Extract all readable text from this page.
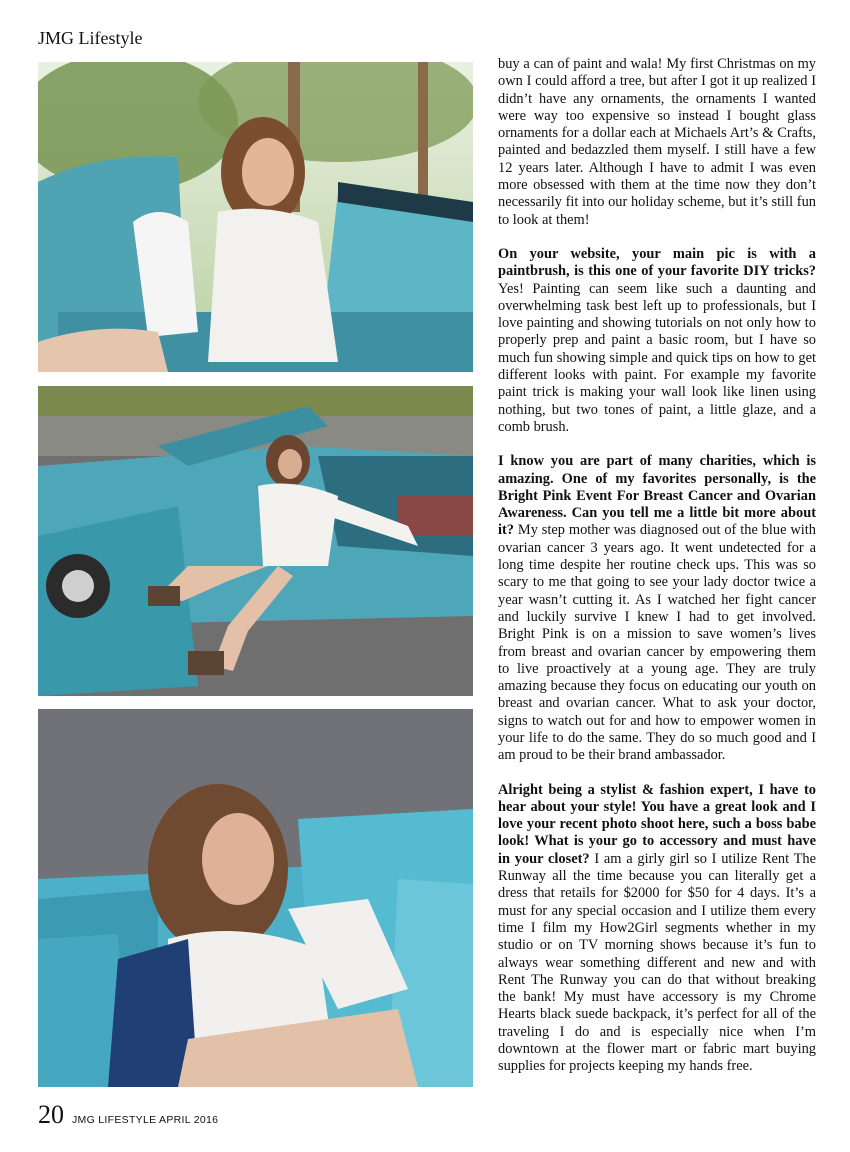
JMG Lifestyle

buy a can of paint and wala! My first Christmas on my own I could afford a tree, but after I got it up realized I didn’t have any ornaments, the ornaments I wanted were way too expensive so instead I bought glass ornaments for a dollar each at Michaels Art’s & Crafts, painted and bedazzled them myself. I still have a few 12 years later. Although I have to admit I was even more obsessed with them at the time now they don’t necessarily fit into our holiday scheme, but it’s still fun to look at them!

On your website, your main pic is with a paintbrush, is this one of your favorite DIY tricks? Yes! Painting can seem like such a daunting and overwhelming task best left up to professionals, but I love painting and showing tutorials on not only how to properly prep and paint a basic room, but I have so much fun showing simple and quick tips on how to get different looks with paint. For example my favorite paint trick is making your wall look like linen using nothing, but two tones of paint, a little glaze, and a comb brush.

I know you are part of many charities, which is amazing. One of my favorites personally, is the Bright Pink Event For Breast Cancer and Ovarian Awareness. Can you tell me a little bit more about it? My step mother was diagnosed out of the blue with ovarian cancer 3 years ago. It went undetected for a long time despite her routine check ups. This was so scary to me that going to see your lady doctor twice a year wasn’t cutting it. As I watched her fight cancer and luckily survive I knew I had to get involved. Bright Pink is on a mission to save women’s lives from breast and ovarian cancer by empowering them to live proactively at a young age. They are truly amazing because they focus on educating our youth on breast and ovarian cancer. What to ask your doctor, signs to watch out for and how to empower women in your life to do the same. They do so much good and I am proud to be their brand ambassador.

Alright being a stylist & fashion expert, I have to hear about your style! You have a great look and I love your recent photo shoot here, such a boss babe look! What is your go to accessory and must have in your closet? I am a girly girl so I utilize Rent The Runway all the time because you can literally get a dress that retails for $2000 for $50 for 4 days. It’s a must for any special occasion and I utilize them every time I film my How2Girl segments whether in my studio or on TV morning shows because it’s fun to always wear something different and new and with Rent The Runway you can do that without breaking the bank! My must have accessory is my Chrome Hearts black suede backpack, it’s perfect for all of the traveling I do and is especially nice when I’m downtown at the flower mart or fabric mart buying supplies for projects keeping my hands free.

20 JMG LIFESTYLE APRIL 2016
